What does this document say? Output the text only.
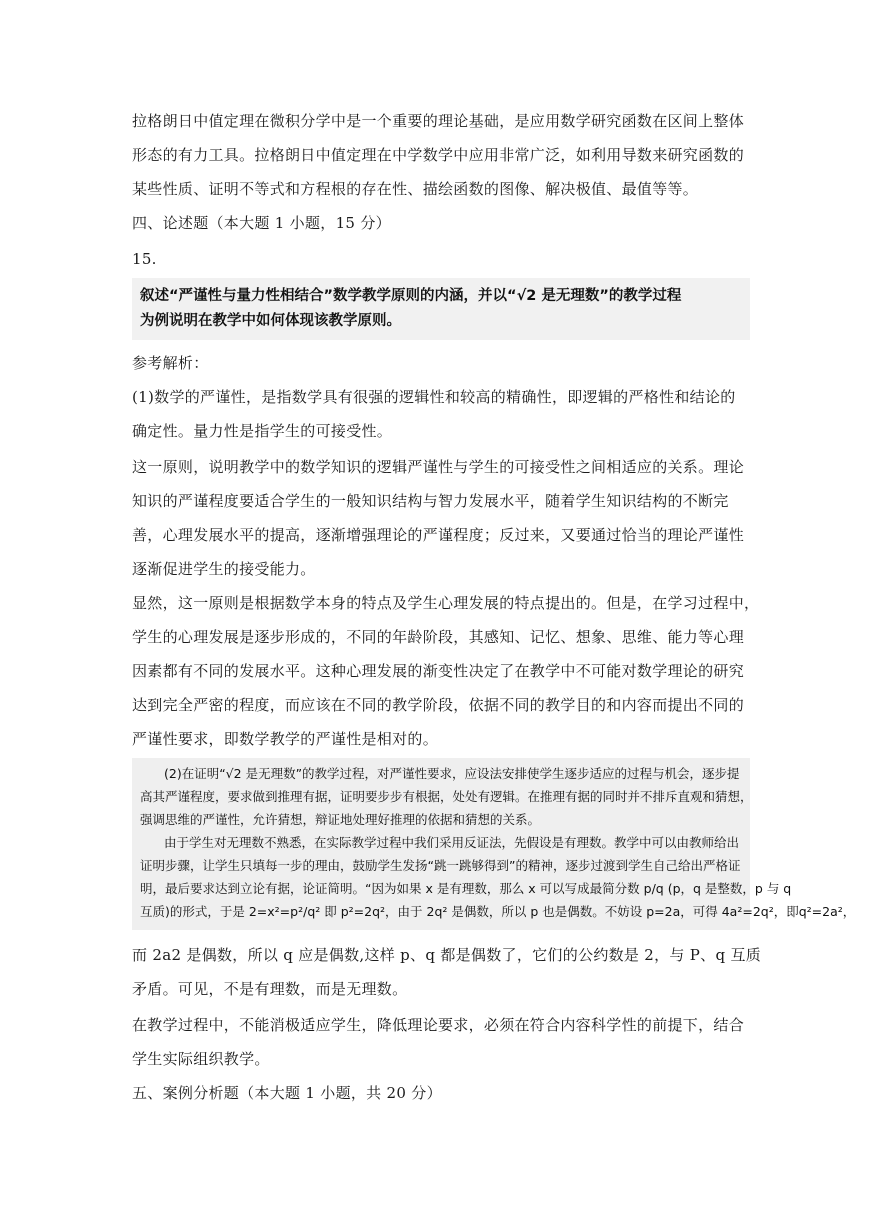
拉格朗日中值定理在微积分学中是一个重要的理论基础，是应用数学研究函数在区间上整体
形态的有力工具。拉格朗日中值定理在中学数学中应用非常广泛，如利用导数来研究函数的
某些性质、证明不等式和方程根的存在性、描绘函数的图像、解决极值、最值等等。
四、论述题（本大题 1 小题，15 分）
15.
叙述“严谨性与量力性相结合”数学教学原则的内涵，并以“√2 是无理数”的教学过程
为例说明在教学中如何体现该教学原则。
参考解析：
(1)数学的严谨性，是指数学具有很强的逻辑性和较高的精确性，即逻辑的严格性和结论的
确定性。量力性是指学生的可接受性。
这一原则，说明教学中的数学知识的逻辑严谨性与学生的可接受性之间相适应的关系。理论
知识的严谨程度要适合学生的一般知识结构与智力发展水平，随着学生知识结构的不断完
善，心理发展水平的提高，逐渐增强理论的严谨程度；反过来，又要通过恰当的理论严谨性
逐渐促进学生的接受能力。
显然，这一原则是根据数学本身的特点及学生心理发展的特点提出的。但是，在学习过程中，
学生的心理发展是逐步形成的，不同的年龄阶段，其感知、记忆、想象、思维、能力等心理
因素都有不同的发展水平。这种心理发展的渐变性决定了在教学中不可能对数学理论的研究
达到完全严密的程度，而应该在不同的教学阶段，依据不同的教学目的和内容而提出不同的
严谨性要求，即数学教学的严谨性是相对的。
(2)在证明“√2 是无理数”的教学过程，对严谨性要求，应设法安排使学生逐步适应的过程与机会，逐步提
高其严谨程度，要求做到推理有据，证明要步步有根据，处处有逻辑。在推理有据的同时并不排斥直观和猜想，
强调思维的严谨性，允许猜想，辩证地处理好推理的依据和猜想的关系。
由于学生对无理数不熟悉，在实际教学过程中我们采用反证法，先假设是有理数。教学中可以由教师给出
证明步骤，让学生只填每一步的理由，鼓励学生发扬“跳一跳够得到”的精神，逐步过渡到学生自己给出严格证
明，最后要求达到立论有据，论证简明。“因为如果 x 是有理数，那么 x 可以写成最简分数 p/q (p，q 是整数，p 与 q
互质)的形式，于是 2=x²=p²/q² 即 p²=2q²，由于 2q² 是偶数，所以 p 也是偶数。不妨设 p=2a，可得 4a²=2q²，即q²=2a²，
而 2a2 是偶数，所以 q 应是偶数,这样 p、q 都是偶数了，它们的公约数是 2，与 P、q 互质
矛盾。可见，不是有理数，而是无理数。
在教学过程中，不能消极适应学生，降低理论要求，必须在符合内容科学性的前提下，结合
学生实际组织教学。
五、案例分析题（本大题 1 小题，共 20 分）
